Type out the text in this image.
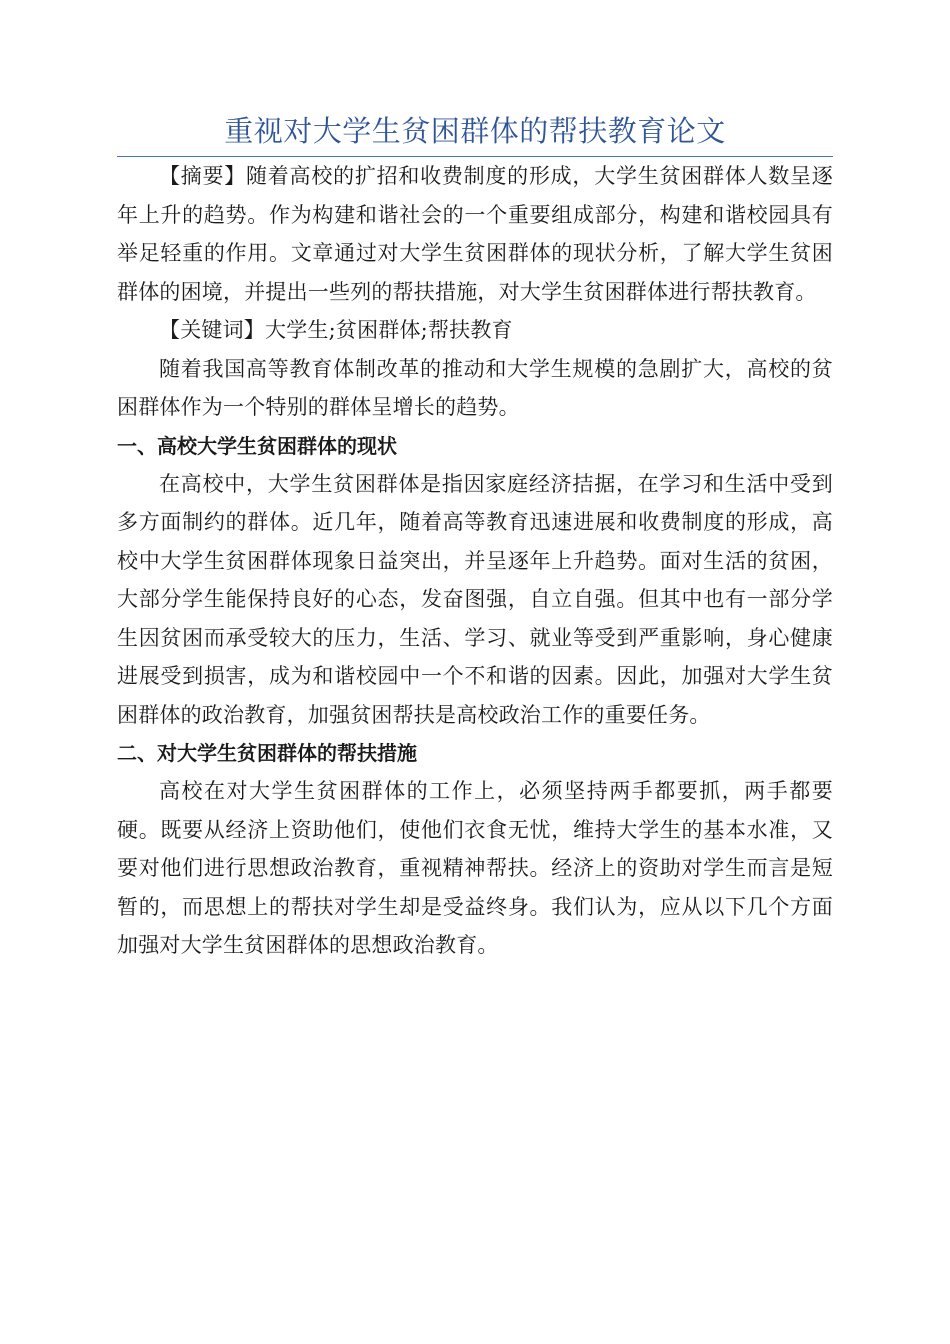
重视对大学生贫困群体的帮扶教育论文

【摘要】随着高校的扩招和收费制度的形成，大学生贫困群体人数呈逐年上升的趋势。作为构建和谐社会的一个重要组成部分，构建和谐校园具有举足轻重的作用。文章通过对大学生贫困群体的现状分析，了解大学生贫困群体的困境，并提出一些列的帮扶措施，对大学生贫困群体进行帮扶教育。

【关键词】大学生;贫困群体;帮扶教育

随着我国高等教育体制改革的推动和大学生规模的急剧扩大，高校的贫困群体作为一个特别的群体呈增长的趋势。

一、高校大学生贫困群体的现状

在高校中，大学生贫困群体是指因家庭经济拮据，在学习和生活中受到多方面制约的群体。近几年，随着高等教育迅速进展和收费制度的形成，高校中大学生贫困群体现象日益突出，并呈逐年上升趋势。面对生活的贫困，大部分学生能保持良好的心态，发奋图强，自立自强。但其中也有一部分学生因贫困而承受较大的压力，生活、学习、就业等受到严重影响，身心健康进展受到损害，成为和谐校园中一个不和谐的因素。因此，加强对大学生贫困群体的政治教育，加强贫困帮扶是高校政治工作的重要任务。

二、对大学生贫困群体的帮扶措施

高校在对大学生贫困群体的工作上，必须坚持两手都要抓，两手都要硬。既要从经济上资助他们，使他们衣食无忧，维持大学生的基本水准，又要对他们进行思想政治教育，重视精神帮扶。经济上的资助对学生而言是短暂的，而思想上的帮扶对学生却是受益终身。我们认为，应从以下几个方面加强对大学生贫困群体的思想政治教育。
